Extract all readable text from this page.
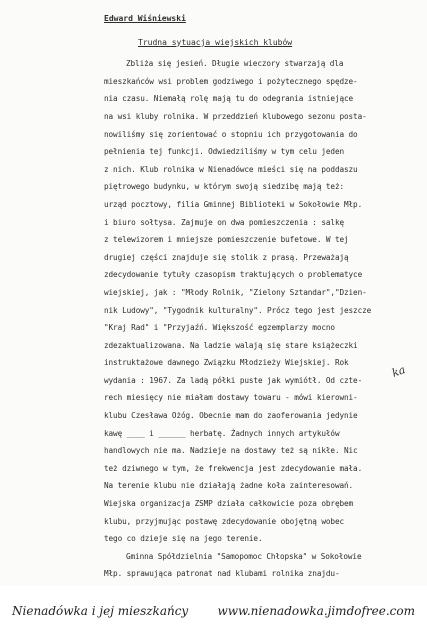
Edward Wiśniewski

Trudna sytuacja wiejskich klubów

Zbliża się jesień. Długie wieczory stwarzają dla

mieszkańców wsi problem godziwego i pożytecznego spędze-

nia czasu. Niemałą rolę mają tu do odegrania istniejące

na wsi kluby rolnika. W przeddzień klubowego sezonu posta-

nowiliśmy się zorientować o stopniu ich przygotowania do

pełnienia tej funkcji. Odwiedziliśmy w tym celu jeden

z nich. Klub rolnika w Nienadówce mieści się na poddaszu

piętrowego budynku, w którym swoją siedzibę mają też:

urząd pocztowy, filia Gminnej Biblioteki w Sokołowie Młp.

i biuro sołtysa. Zajmuje on dwa pomieszczenia : salkę

z telewizorem i mniejsze pomieszczenie bufetowe. W tej

drugiej części znajduje się stolik z prasą. Przeważają

zdecydowanie tytuły czasopism traktujących o problematyce

wiejskiej, jak : "Młody Rolnik, "Zielony Sztandar","Dzien-

nik Ludowy", "Tygodnik kulturalny". Prócz tego jest jeszcze

"Kraj Rad" i "Przyjaźń. Większość egzemplarzy mocno

zdezaktualizowana. Na ladzie walają się stare książeczki

instruktażowe dawnego Związku Młodzieży Wiejskiej. Rok

wydania : 1967. Za ladą półki puste jak wymiótł. Od czte-

rech miesięcy nie miałam dostawy towaru - mówi kierowni-

klubu Czesława Ożóg. Obecnie mam do zaoferowania jedynie

kawę ____ i ______ herbatę. Żadnych innych artykułów

handlowych nie ma. Nadzieje na dostawy też są nikłe. Nic

też dziwnego w tym, że frekwencja jest zdecydowanie mała.

Na terenie klubu nie działają żadne koła zainteresowań.

Wiejska organizacja ZSMP działa całkowicie poza obrębem

klubu, przyjmując postawę zdecydowanie obojętną wobec

tego co dzieje się na jego terenie.

Gminna Spółdzielnia "Samopomoc Chłopska" w Sokołowie

Młp. sprawująca patronat nad klubami rolnika znajdu-

ka
Nienadówka i jej mieszkańcy www.nienadowka.jimdofree.com
